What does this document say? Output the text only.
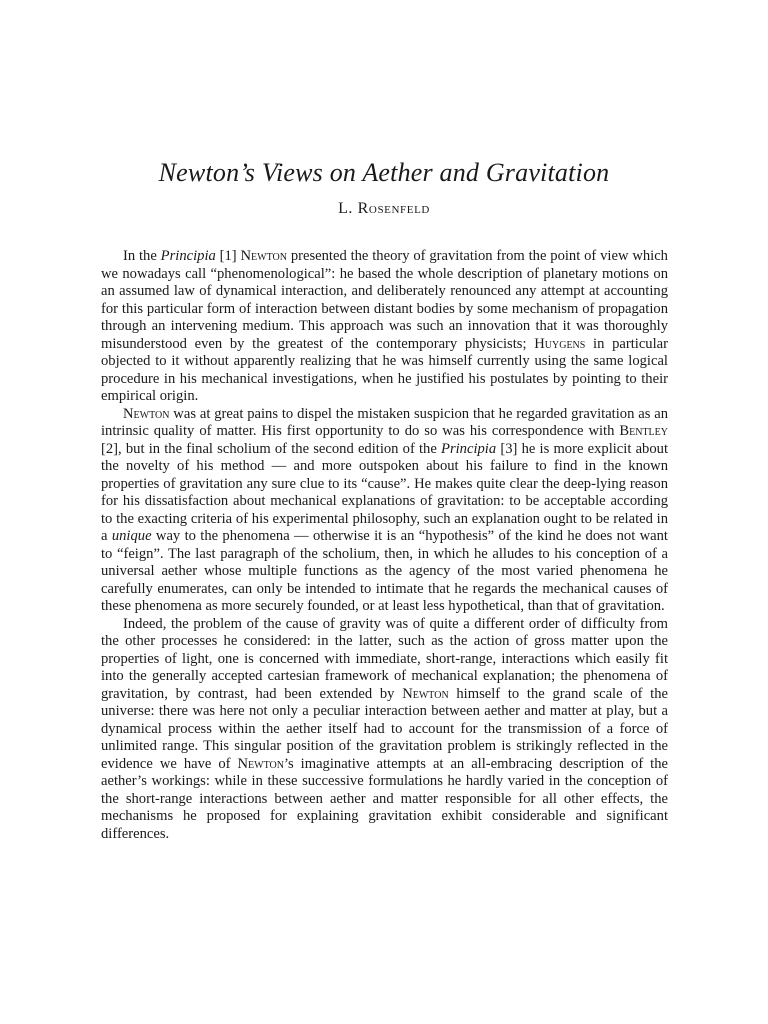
Newton’s Views on Aether and Gravitation
L. Rosenfeld

In the Principia [1] Newton presented the theory of gravitation from the point of view which we nowadays call “phenomenological”: he based the whole description of planetary motions on an assumed law of dynamical interaction, and deliberately renounced any attempt at accounting for this particular form of interaction between distant bodies by some mechanism of propagation through an intervening medium. This approach was such an innovation that it was thoroughly misunderstood even by the greatest of the contemporary physicists; Huygens in particular objected to it without apparently realizing that he was himself currently using the same logical procedure in his mechanical investigations, when he justified his postulates by pointing to their empirical origin.

Newton was at great pains to dispel the mistaken suspicion that he regarded gravitation as an intrinsic quality of matter. His first opportunity to do so was his correspondence with Bentley [2], but in the final scholium of the second edition of the Principia [3] he is more explicit about the novelty of his method — and more outspoken about his failure to find in the known properties of gravitation any sure clue to its “cause”. He makes quite clear the deep-lying reason for his dissatisfaction about mechanical explanations of gravitation: to be acceptable according to the exacting criteria of his experimental philosophy, such an explanation ought to be related in a unique way to the phenomena — otherwise it is an “hypothesis” of the kind he does not want to “feign”. The last paragraph of the scholium, then, in which he alludes to his conception of a universal aether whose multiple functions as the agency of the most varied phenomena he carefully enumerates, can only be intended to intimate that he regards the mechanical causes of these phenomena as more securely founded, or at least less hypothetical, than that of gravitation.

Indeed, the problem of the cause of gravity was of quite a different order of difficulty from the other processes he considered: in the latter, such as the action of gross matter upon the properties of light, one is concerned with immediate, short-range, interactions which easily fit into the generally accepted cartesian framework of mechanical explanation; the phenomena of gravitation, by contrast, had been extended by Newton himself to the grand scale of the universe: there was here not only a peculiar interaction between aether and matter at play, but a dynamical process within the aether itself had to account for the transmission of a force of unlimited range. This singular position of the gravitation problem is strikingly reflected in the evidence we have of Newton’s imaginative attempts at an all-embracing description of the aether’s workings: while in these successive formulations he hardly varied in the conception of the short-range interactions between aether and matter responsible for all other effects, the mechanisms he proposed for explaining gravitation exhibit considerable and significant differences.
